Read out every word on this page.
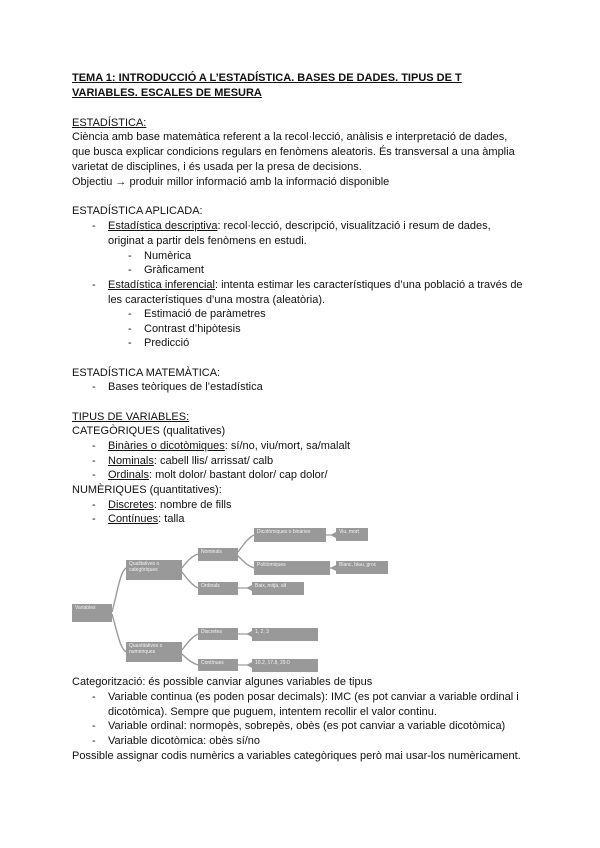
TEMA 1: INTRODUCCIÓ A L’ESTADÍSTICA. BASES DE DADES. TIPUS DE T
VARIABLES. ESCALES DE MESURA
ESTADÍSTICA:
Ciència amb base matemàtica referent a la recol·lecció, anàlisis e interpretació de dades,
que busca explicar condicions regulars en fenòmens aleatoris. És transversal a una àmplia
varietat de disciplines, i és usada per la presa de decisions.
Objectiu → produir millor informació amb la informació disponible
ESTADÍSTICA APLICADA:
- Estadística descriptiva: recol·lecció, descripció, visualització i resum de dades,
originat a partir dels fenòmens en estudi.
- Numèrica
- Gràficament
- Estadística inferencial: intenta estimar les característiques d’una població a través de
les característiques d’una mostra (aleatòria).
- Estimació de paràmetres
- Contrast d’hipòtesis
- Predicció
ESTADÍSTICA MATEMÀTICA:
- Bases teòriques de l’estadística
TIPUS DE VARIABLES:
CATEGÒRIQUES (qualitatives)
- Binàries o dicotòmiques: sí/no, viu/mort, sa/malalt
- Nominals: cabell llis/ arrissat/ calb
- Ordinals: molt dolor/ bastant dolor/ cap dolor/
NUMÈRIQUES (quantitatives):
- Discretes: nombre de fills
- Contínues: talla
Variables
Qualitatives o categòriques
Quantitatives o numèriques
Nominals
Ordinals
Dicotòmiques o binàries
Politòmiques
Discretes
Contínues
Viu, mort
Blanc, blau, groc
Baix, mitjà, alt
1, 2, 3
10.2, 17.8, 29.0
Categorització: és possible canviar algunes variables de tipus
- Variable continua (es poden posar decimals): IMC (es pot canviar a variable ordinal i
dicotòmica). Sempre que puguem, intentem recollir el valor continu.
- Variable ordinal: normopès, sobrepès, obès (es pot canviar a variable dicotòmica)
- Variable dicotòmica: obès sí/no
Possible assignar codis numèrics a variables categòriques però mai usar-los numèricament.
